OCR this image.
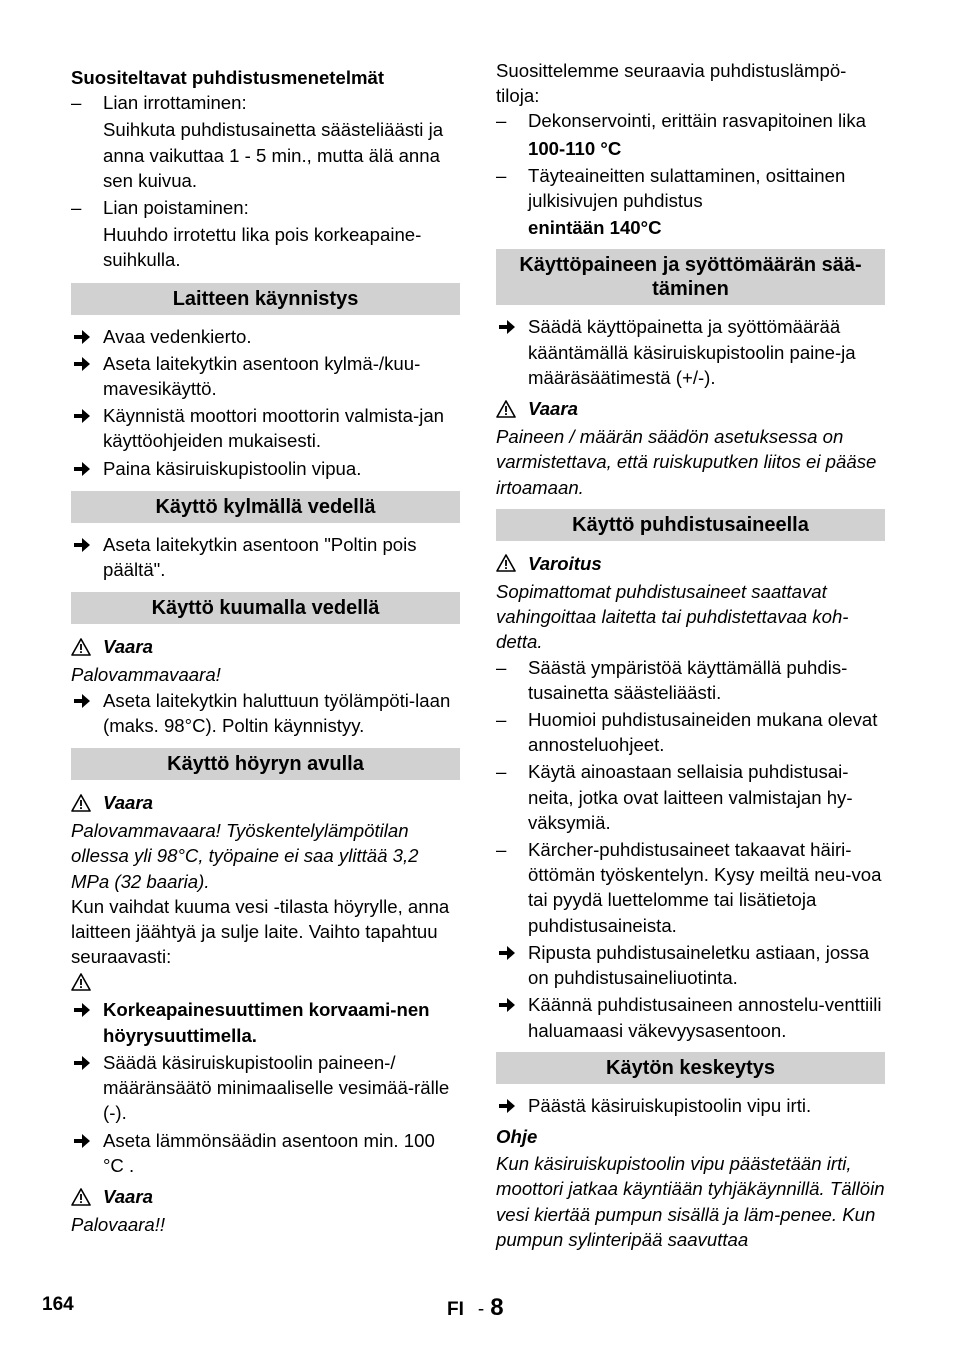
Suositeltavat puhdistusmenetelmät
–	Lian irrottaminen:
Suihkuta puhdistusainetta säästeliäästi ja anna vaikuttaa 1 - 5 min., mutta älä anna sen kuivua.
–	Lian poistaminen:
Huuhdo irrotettu lika pois korkeapaine-suihkulla.
Laitteen käynnistys
Avaa vedenkierto.
Aseta laitekytkin asentoon kylmä-/kuu-mavesikäyttö.
Käynnistä moottori moottorin valmista-jan käyttöohjeiden mukaisesti.
Paina käsiruiskupistoolin vipua.
Käyttö kylmällä vedellä
Aseta laitekytkin asentoon "Poltin pois päältä".
Käyttö kuumalla vedellä
Vaara
Palovammavaara!
Aseta laitekytkin haluttuun työlämpöti-laan (maks. 98°C). Poltin käynnistyy.
Käyttö höyryn avulla
Vaara
Palovammavaara! Työskentelylämpötilan ollessa yli 98°C, työpaine ei saa ylittää 3,2 MPa (32 baaria).
Kun vaihdat kuuma vesi -tilasta höyrylle, anna laitteen jäähtyä ja sulje laite. Vaihto tapahtuu seuraavasti:
Korkeapainesuuttimen korvaami-nen höyrysuuttimella.
Säädä käsiruiskupistoolin paineen-/ määränsäätö minimaaliselle vesimää-rälle (-).
Aseta lämmönsäädin asentoon min. 100 °C .
Vaara
Palovaara!!
Suosittelemme seuraavia puhdistuslämpö-tiloja:
–	Dekonservointi, erittäin rasvapitoinen lika
100-110 °C
–	Täyteaineitten sulattaminen, osittainen julkisivujen puhdistus
enintään 140°C
Käyttöpaineen ja syöttömäärän sää-täminen
Säädä käyttöpainetta ja syöttömäärää kääntämällä käsiruiskupistoolin paine-ja määräsäätimestä (+/-).
Vaara
Paineen / määrän säädön asetuksessa on varmistettava, että ruiskuputken liitos ei pääse irtoamaan.
Käyttö puhdistusaineella
Varoitus
Sopimattomat puhdistusaineet saattavat vahingoittaa laitetta tai puhdistettavaa koh-detta.
–	Säästä ympäristöä käyttämällä puhdis-tusainetta säästeliäästi.
–	Huomioi puhdistusaineiden mukana olevat annosteluohjeet.
–	Käytä ainoastaan sellaisia puhdistusai-neita, jotka ovat laitteen valmistajan hy-väksymiä.
–	Kärcher-puhdistusaineet takaavat häiri-öttömän työskentelyn. Kysy meiltä neu-voa tai pyydä luettelomme tai lisätietoja puhdistusaineista.
Ripusta puhdistusaineletku astiaan, jossa on puhdistusaineliuotinta.
Käännä puhdistusaineen annostelu-venttiili haluamaasi väkevyysasentoon.
Käytön keskeytys
Päästä käsiruiskupistoolin vipu irti.
Ohje
Kun käsiruiskupistoolin vipu päästetään irti, moottori jatkaa käyntiään tyhjäkäynnillä. Tällöin vesi kiertää pumpun sisällä ja läm-penee. Kun pumpun sylinteripää saavuttaa
164	FI - 8
